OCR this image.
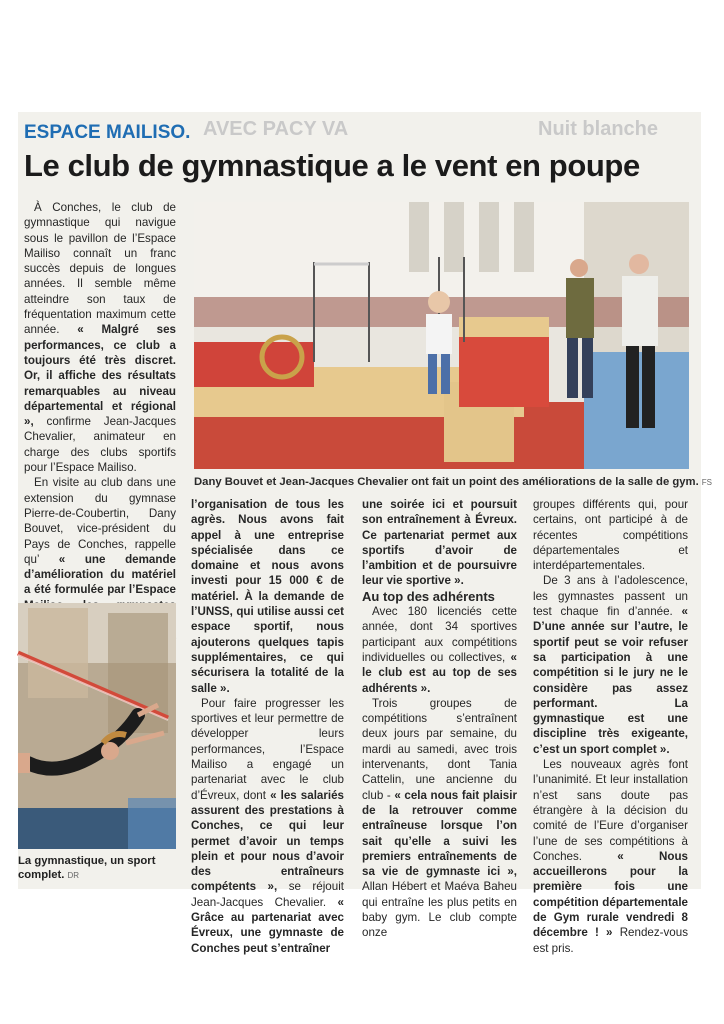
AVEC PACY VA	Nuit blanche
ESPACE MAILISO.
Le club de gymnastique a le vent en poupe

À Conches, le club de gymnastique qui navigue sous le pavillon de l’Espace Mailiso connaît un franc succès depuis de longues années. Il semble même atteindre son taux de fréquentation maximum cette année. « Malgré ses performances, ce club a toujours été très discret. Or, il affiche des résultats remarquables au niveau départemental et régional », confirme Jean-Jacques Chevalier, animateur en charge des clubs sportifs pour l’Espace Mailiso.

En visite au club dans une extension du gymnase Pierre-de-Coubertin, Dany Bouvet, vice-président du Pays de Conches, rappelle qu’ « une demande d’amélioration du matériel a été formulée par l’Espace

La gymnastique, un sport complet. DR
Dany Bouvet et Jean-Jacques Chevalier ont fait un point des améliorations de la salle de gym. FS

l’organisation de tous les agrès. Nous avons fait appel à une entreprise spécialisée dans ce domaine et nous avons investi pour 15 000 € de matériel. À la demande de l’UNSS, qui utilise aussi cet espace sportif, nous ajouterons quelques tapis supplémentaires, ce qui sécurisera la totalité de la salle ».

Pour faire progresser les sportives et leur permettre de développer leurs performances, l’Espace Mailiso a engagé un partenariat avec le club d’Évreux, dont « les salariés assurent des prestations à Conches, ce qui leur permet d’avoir un temps plein et pour nous d’avoir des entraîneurs compétents », se réjouit Jean-Jacques Chevalier. « Grâce au partenariat avec Évreux, une gymnaste de Conches peut s’entraîner

une soirée ici et poursuit son entraînement à Évreux. Ce partenariat permet aux sportifs d’avoir de l’ambition et de poursuivre leur vie sportive ».

Au top des adhérents

Avec 180 licenciés cette année, dont 34 sportives participant aux compétitions individuelles ou collectives, « le club est au top de ses adhérents ».

Trois groupes de compétitions s’entraînent deux jours par semaine, du mardi au samedi, avec trois intervenants, dont Tania Cattelin, une ancienne du club - « cela nous fait plaisir de la retrouver comme entraîneuse lorsque l’on sait qu’elle a suivi les premiers entraînements de sa vie de gymnaste ici », Allan Hébert et Maéva Baheu qui entraîne les plus petits en baby gym. Le club compte onze

groupes différents qui, pour certains, ont participé à de récentes compétitions départementales et interdépartementales.

De 3 ans à l’adolescence, les gymnastes passent un test chaque fin d’année. « D’une année sur l’autre, le sportif peut se voir refuser sa participation à une compétition si le jury ne le considère pas assez performant. La gymnastique est une discipline très exigeante, c’est un sport complet ».

Les nouveaux agrès font l’unanimité. Et leur installation n’est sans doute pas étrangère à la décision du comité de l’Eure d’organiser l’une de ses compétitions à Conches.	« Nous accueillerons pour la première fois une compétition départementale de Gym rurale vendredi 8 décembre ! » Rendez-vous est pris.
